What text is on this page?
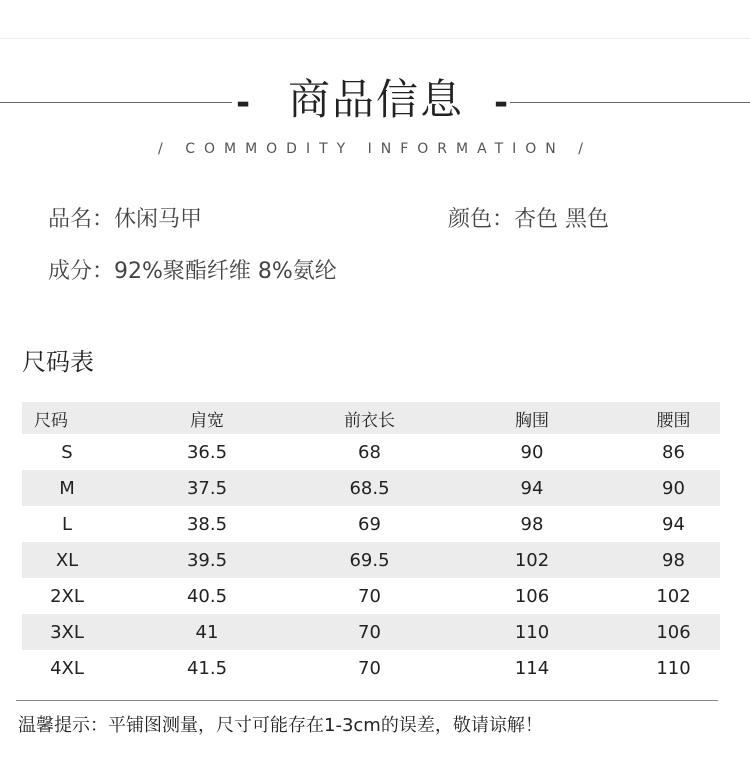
- 商品信息 -
/ COMMODITY INFORMATION /
品名：休闲马甲	颜色：杏色 黑色
成分：92%聚酯纤维 8%氨纶
尺码表
尺码	肩宽	前衣长	胸围	腰围
S	36.5	68	90	86
M	37.5	68.5	94	90
L	38.5	69	98	94
XL	39.5	69.5	102	98
2XL	40.5	70	106	102
3XL	41	70	110	106
4XL	41.5	70	114	110
温馨提示：平铺图测量，尺寸可能存在1-3cm的误差，敬请谅解！
